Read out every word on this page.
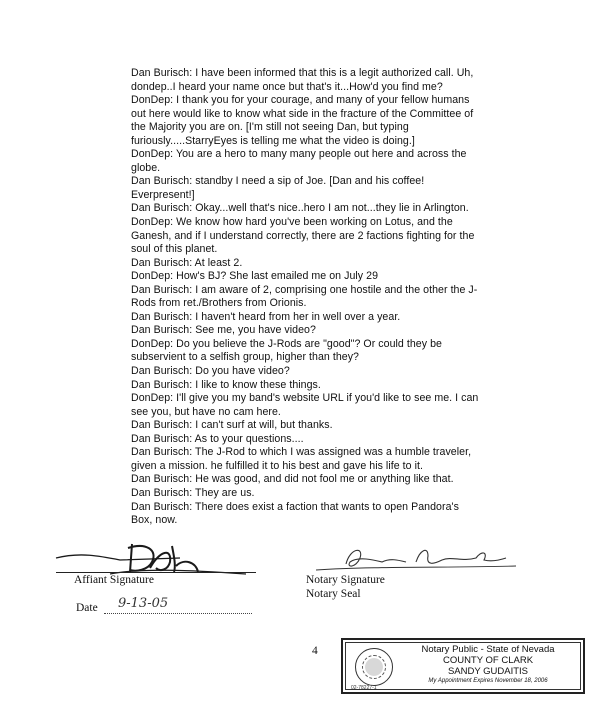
Dan Burisch: I have been informed that this is a legit authorized call. Uh,
dondep..I heard your name once but that's it...How'd you find me?
DonDep: I thank you for your courage, and many of your fellow humans
out here would like to know what side in the fracture of the Committee of
the Majority you are on. [I'm still not seeing Dan, but typing
furiously.....StarryEyes is telling me what the video is doing.]
DonDep: You are a hero to many many people out here and across the
globe.
Dan Burisch: standby I need a sip of Joe. [Dan and his coffee!
Everpresent!]
Dan Burisch: Okay...well that's nice..hero I am not...they lie in Arlington.
DonDep: We know how hard you've been working on Lotus, and the
Ganesh, and if I understand correctly, there are 2 factions fighting for the
soul of this planet.
Dan Burisch: At least 2.
DonDep: How's BJ? She last emailed me on July 29
Dan Burisch: I am aware of 2, comprising one hostile and the other the J-
Rods from ret./Brothers from Orionis.
Dan Burisch: I haven't heard from her in well over a year.
Dan Burisch: See me, you have video?
DonDep: Do you believe the J-Rods are "good"? Or could they be
subservient to a selfish group, higher than they?
Dan Burisch: Do you have video?
Dan Burisch: I like to know these things.
DonDep: I'll give you my band's website URL if you'd like to see me. I can
see you, but have no cam here.
Dan Burisch: I can't surf at will, but thanks.
Dan Burisch: As to your questions....
Dan Burisch: The J-Rod to which I was assigned was a humble traveler,
given a mission. he fulfilled it to his best and gave his life to it.
Dan Burisch: He was good, and did not fool me or anything like that.
Dan Burisch: They are us.
Dan Burisch: There does exist a faction that wants to open Pandora's
Box, now.
Affiant Signature	Notary Signature
Notary Seal
Date 9-13-05
4
02-78227-1
Notary Public - State of Nevada
COUNTY OF CLARK
SANDY GUDAITIS
My Appointment Expires November 18, 2006
